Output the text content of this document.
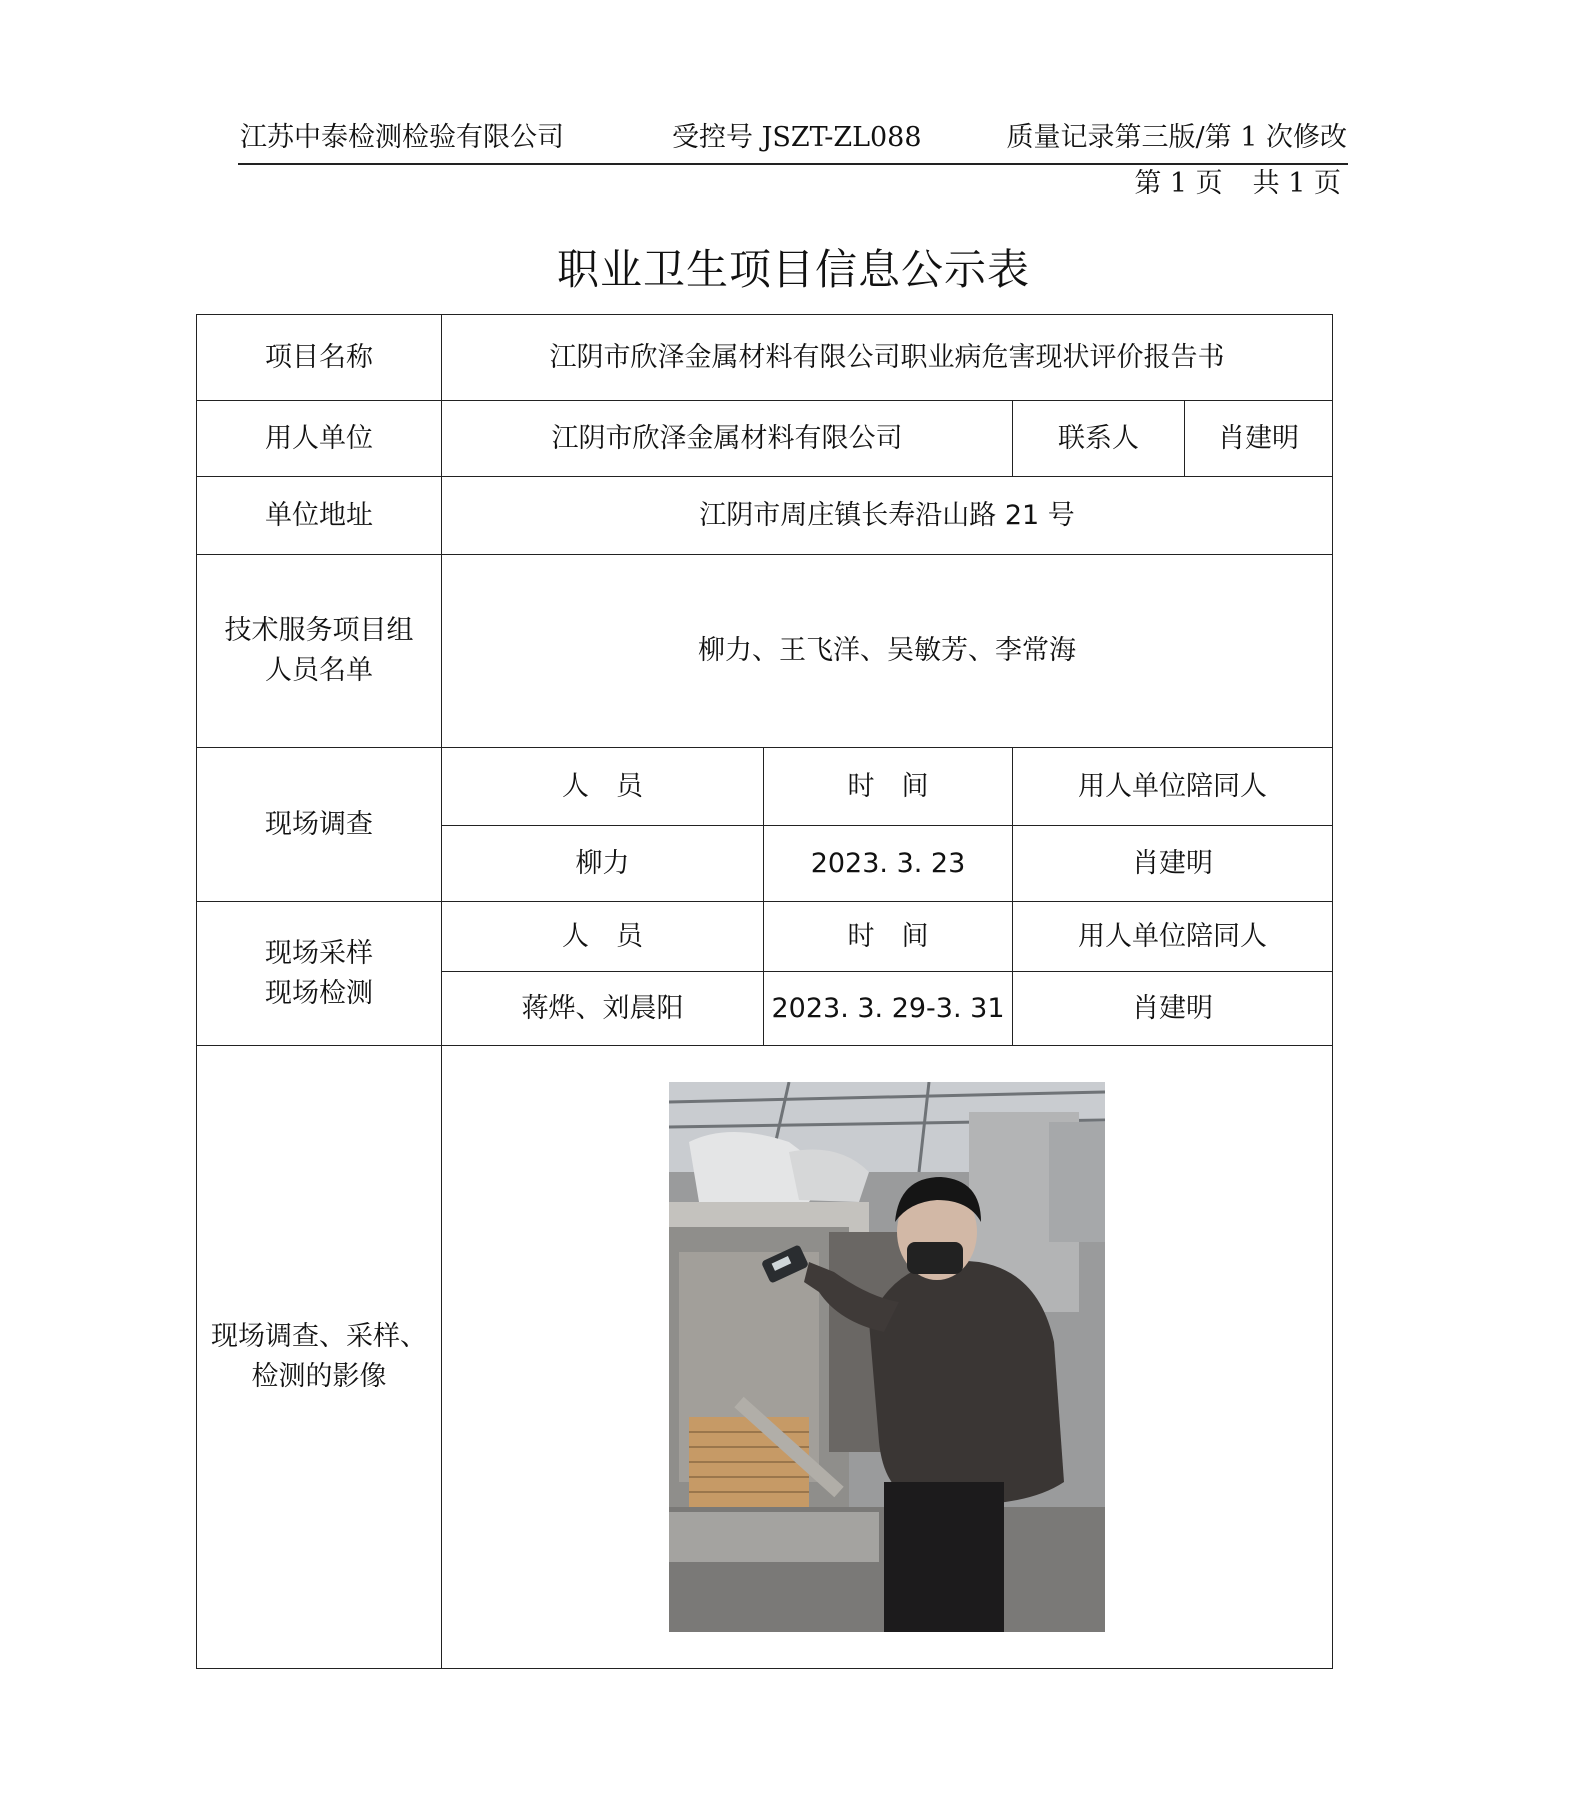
江苏中泰检测检验有限公司	受控号 JSZT-ZL088	质量记录第三版/第 1 次修改
第 1 页 共 1 页
职业卫生项目信息公示表
项目名称	江阴市欣泽金属材料有限公司职业病危害现状评价报告书			
用人单位	江阴市欣泽金属材料有限公司		联系人	肖建明
单位地址	江阴市周庄镇长寿沿山路 21 号			

技术服务项目组
人员名单	柳力、王飞洋、吴敏芳、李常海			
现场调查	人　员	时　间	用人单位陪同人	
	柳力	2023. 3. 23	肖建明	

现场采样
现场检测	人　员	时　间	用人单位陪同人	
	蒋烨、刘晨阳	2023. 3. 29-3. 31	肖建明	

现场调查、采样、
检测的影像
